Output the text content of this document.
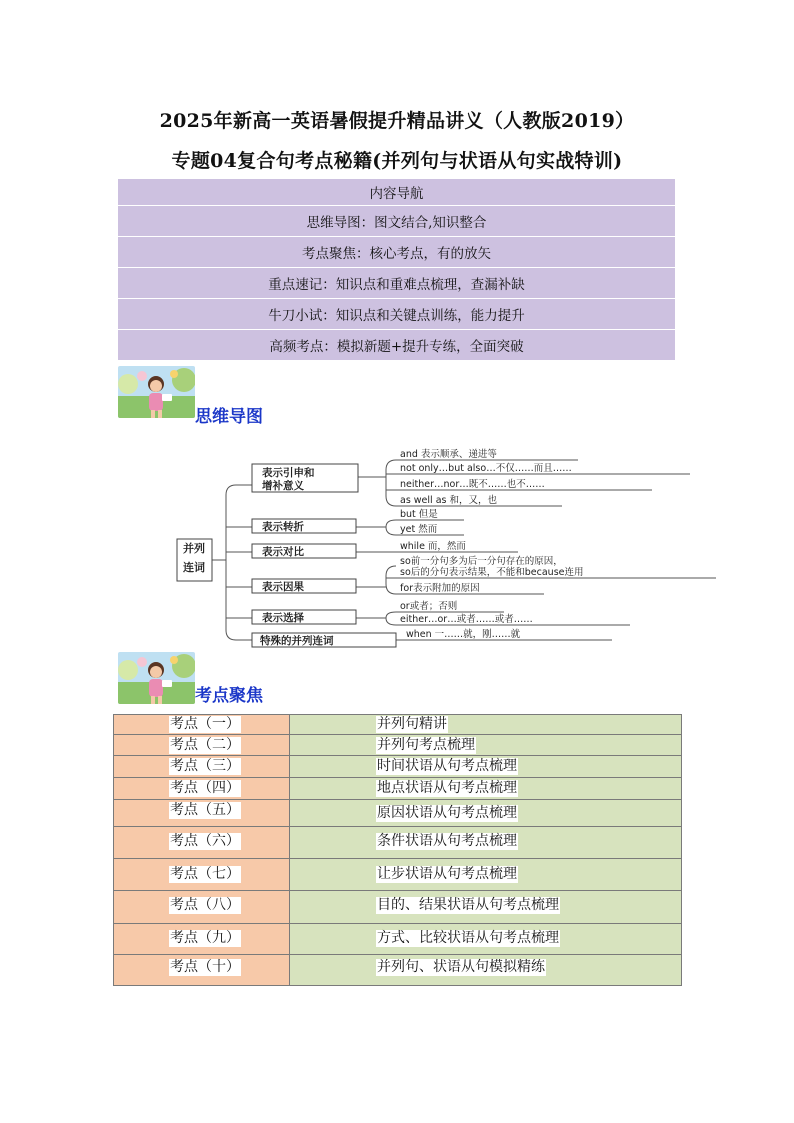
2025年新高一英语暑假提升精品讲义（人教版2019）
专题04复合句考点秘籍(并列句与状语从句实战特训)
内容导航
思维导图：图文结合,知识整合
考点聚焦：核心考点，有的放矢
重点速记：知识点和重难点梳理，查漏补缺
牛刀小试：知识点和关键点训练，能力提升
高频考点：模拟新题+提升专练，全面突破
思维导图
并列
连词
表示引申和
增补意义
表示转折
表示对比
表示因果
表示选择
特殊的并列连词
and 表示顺承、递进等
not only…but also…不仅……而且……
neither…nor…既不……也不……
as well as 和，又，也
but 但是
yet 然而
while 而，然而
so前一分句多为后一分句存在的原因，
so后的分句表示结果，不能和because连用
for表示附加的原因
or或者；否则
either…or…或者……或者……
when 一……就，刚……就
考点聚焦
考点（一）	并列句精讲
考点（二）	并列句考点梳理
考点（三）	时间状语从句考点梳理
考点（四）	地点状语从句考点梳理
考点（五）	原因状语从句考点梳理
考点（六）	条件状语从句考点梳理
考点（七）	让步状语从句考点梳理
考点（八）	目的、结果状语从句考点梳理
考点（九）	方式、比较状语从句考点梳理
考点（十）	并列句、状语从句模拟精练
